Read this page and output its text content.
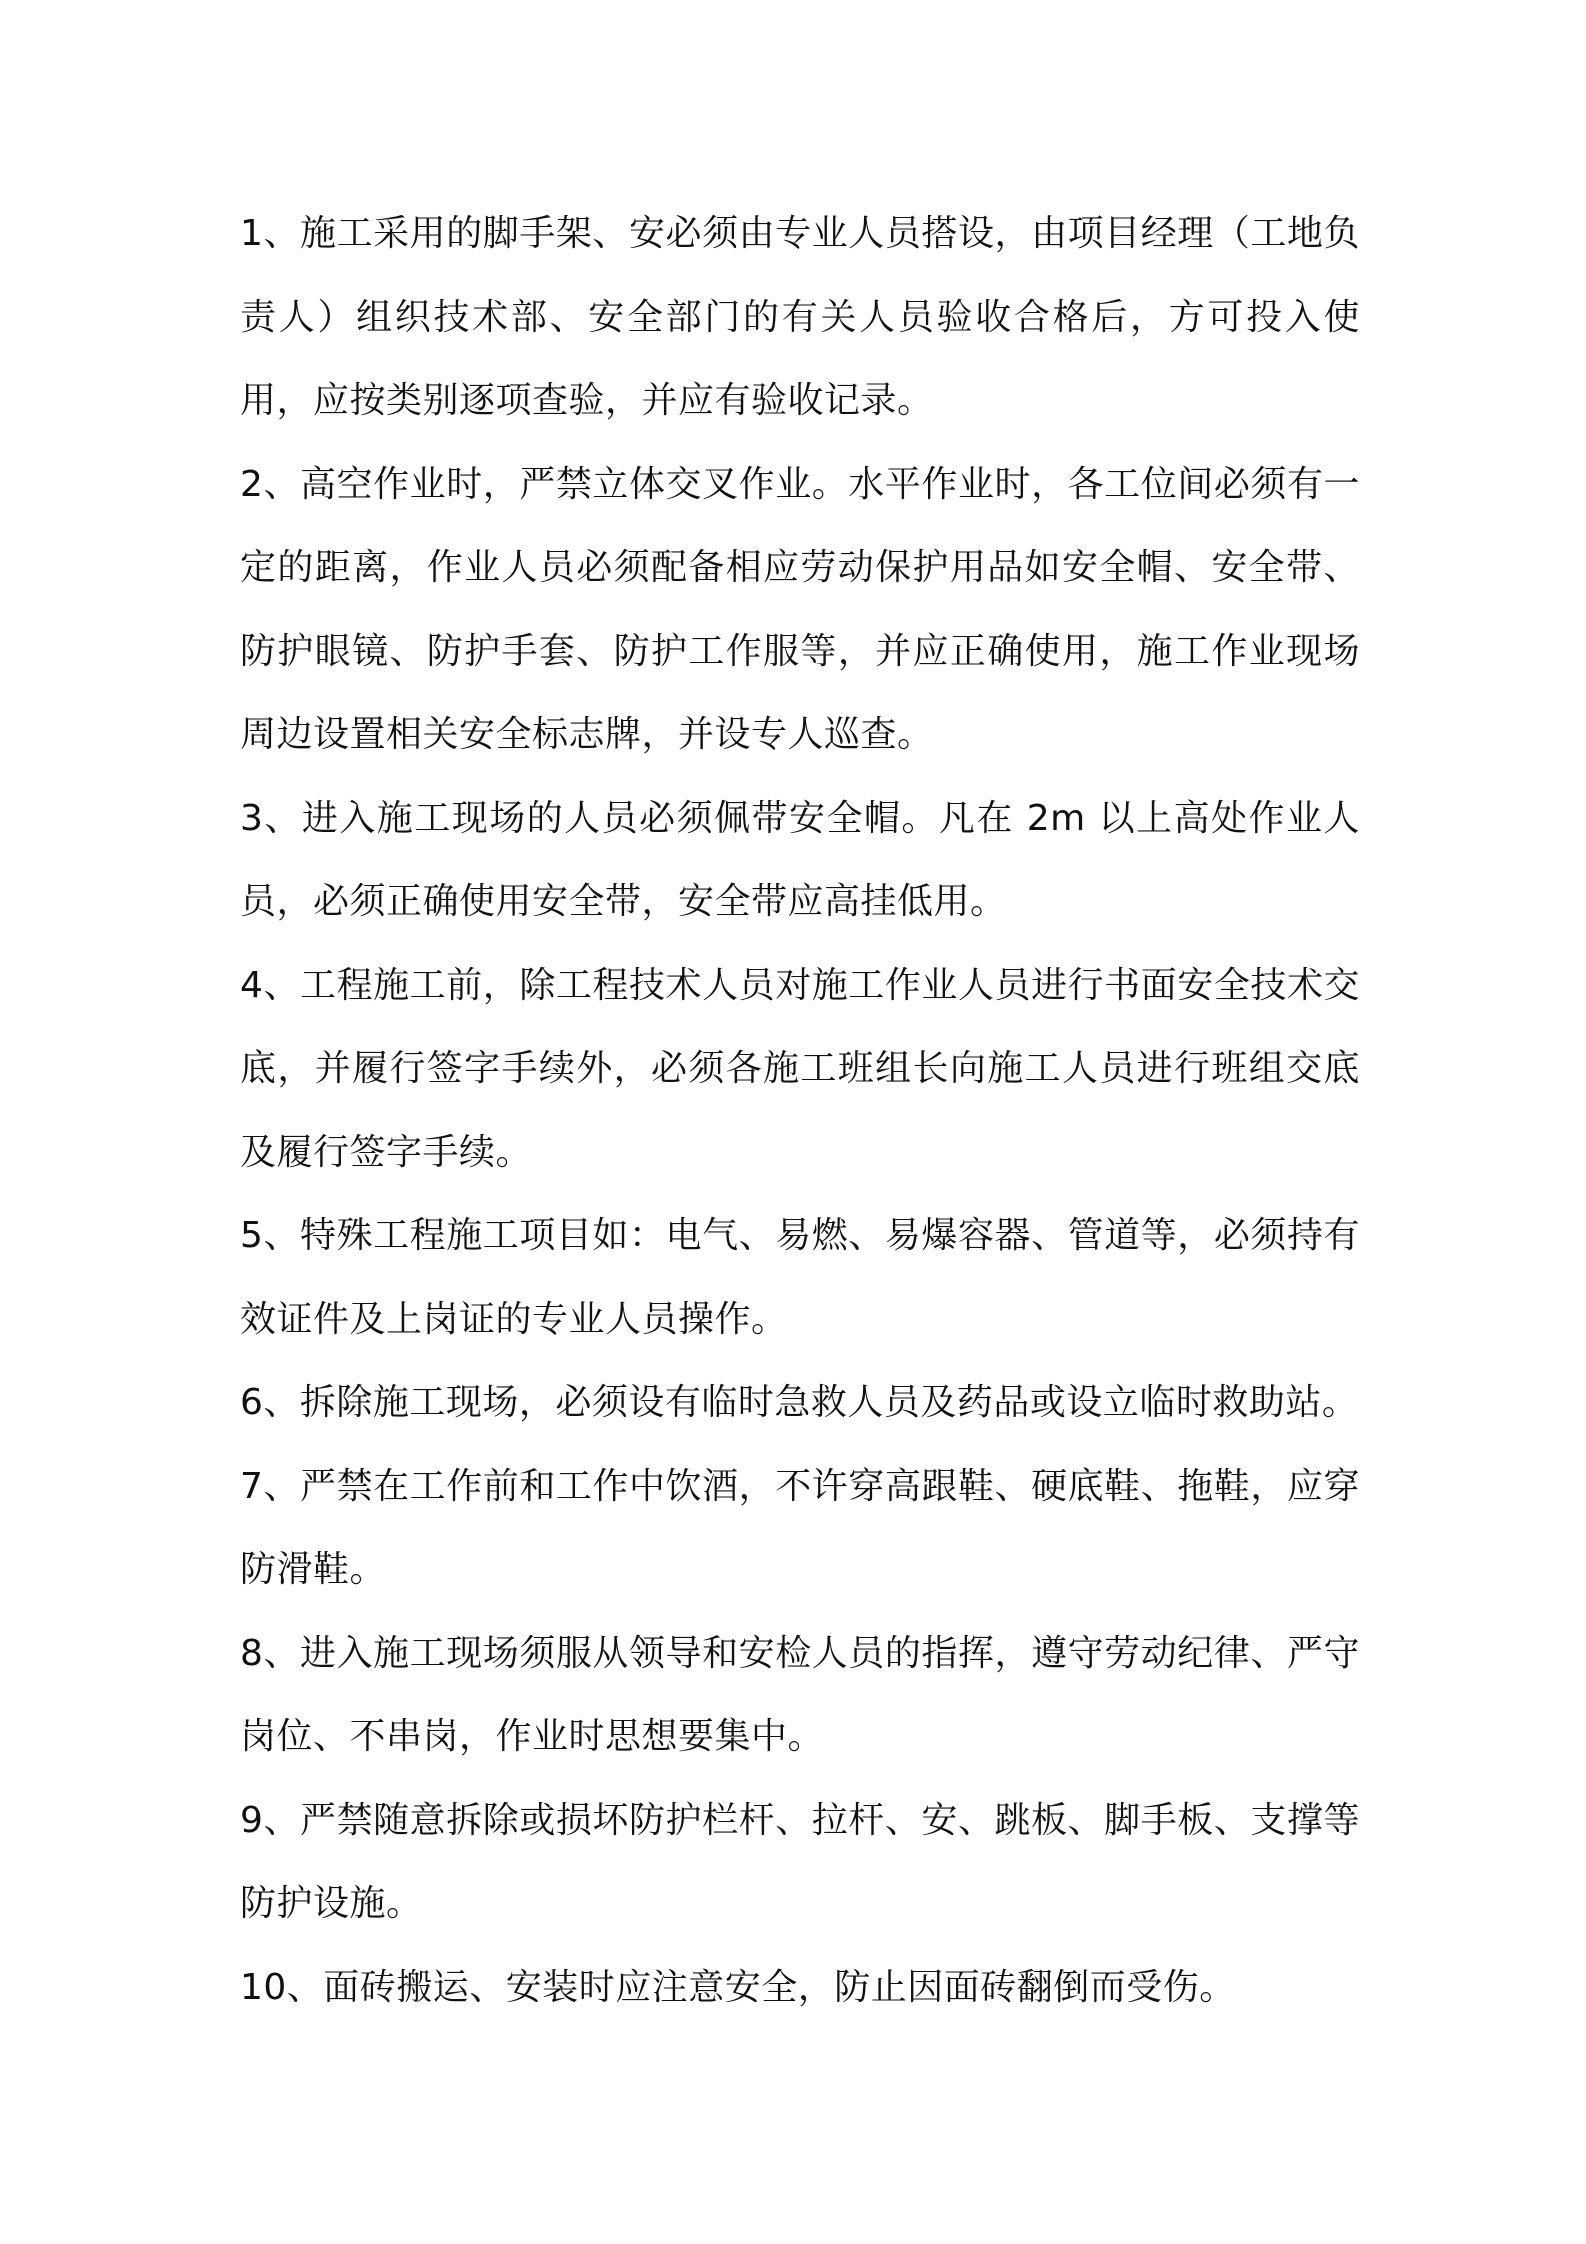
1、施工采用的脚手架、安必须由专业人员搭设，由项目经理（工地负责人）组织技术部、安全部门的有关人员验收合格后，方可投入使用，应按类别逐项查验，并应有验收记录。

2、高空作业时，严禁立体交叉作业。水平作业时，各工位间必须有一定的距离，作业人员必须配备相应劳动保护用品如安全帽、安全带、防护眼镜、防护手套、防护工作服等，并应正确使用，施工作业现场周边设置相关安全标志牌，并设专人巡查。

3、进入施工现场的人员必须佩带安全帽。凡在 2m 以上高处作业人员，必须正确使用安全带，安全带应高挂低用。

4、工程施工前，除工程技术人员对施工作业人员进行书面安全技术交底，并履行签字手续外，必须各施工班组长向施工人员进行班组交底及履行签字手续。

5、特殊工程施工项目如：电气、易燃、易爆容器、管道等，必须持有效证件及上岗证的专业人员操作。

6、拆除施工现场，必须设有临时急救人员及药品或设立临时救助站。

7、严禁在工作前和工作中饮酒，不许穿高跟鞋、硬底鞋、拖鞋，应穿防滑鞋。

8、进入施工现场须服从领导和安检人员的指挥，遵守劳动纪律、严守岗位、不串岗，作业时思想要集中。

9、严禁随意拆除或损坏防护栏杆、拉杆、安、跳板、脚手板、支撑等防护设施。

10、面砖搬运、安装时应注意安全，防止因面砖翻倒而受伤。
